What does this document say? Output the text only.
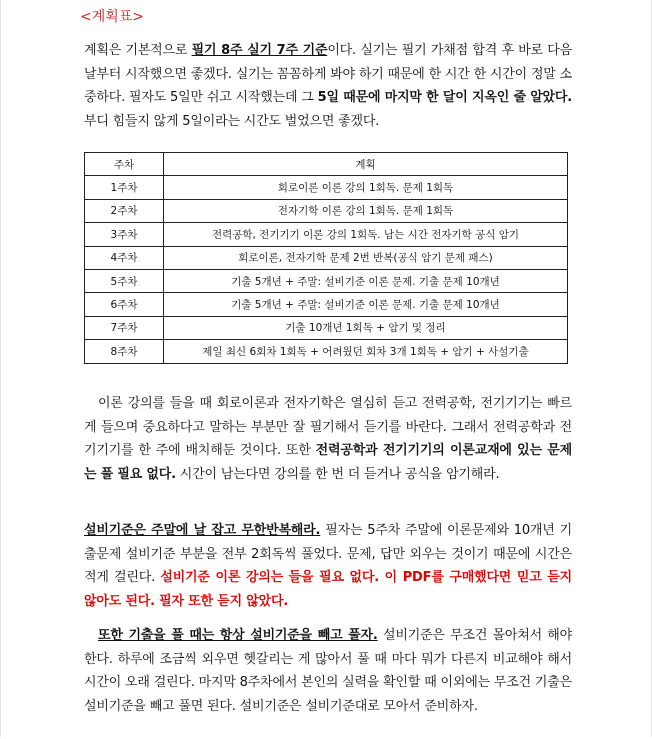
<계획표>
계획은 기본적으로 필기 8주 실기 7주 기준이다. 실기는 필기 가채점 합격 후 바로 다음 날부터 시작했으면 좋겠다. 실기는 꼼꼼하게 봐야 하기 때문에 한 시간 한 시간이 정말 소중하다. 필자도 5일만 쉬고 시작했는데 그 5일 때문에 마지막 한 달이 지옥인 줄 알았다. 부디 힘들지 않게 5일이라는 시간도 벌었으면 좋겠다.
주차	계획
1주차	회로이론 이론 강의 1회독. 문제 1회독
2주차	전자기학 이론 강의 1회독. 문제 1회독
3주차	전력공학, 전기기기 이론 강의 1회독. 남는 시간 전자기학 공식 암기
4주차	회로이론, 전자기학 문제 2번 반복(공식 암기 문제 패스)
5주차	기출 5개년 + 주말: 설비기준 이론 문제. 기출 문제 10개년
6주차	기출 5개년 + 주말: 설비기준 이론 문제. 기출 문제 10개년
7주차	기출 10개년 1회독 + 암기 및 정리
8주차	제일 최신 6회차 1회독 + 어려웠던 회차 3개 1회독 + 암기 + 사설기출
이론 강의를 들을 때 회로이론과 전자기학은 열심히 듣고 전력공학, 전기기기는 빠르게 들으며 중요하다고 말하는 부분만 잘 필기해서 듣기를 바란다. 그래서 전력공학과 전기기기를 한 주에 배치해둔 것이다. 또한 전력공학과 전기기기의 이론교재에 있는 문제는 풀 필요 없다. 시간이 남는다면 강의를 한 번 더 듣거나 공식을 암기해라.
설비기준은 주말에 날 잡고 무한반복해라. 필자는 5주차 주말에 이론문제와 10개년 기출문제 설비기준 부분을 전부 2회독씩 풀었다. 문제, 답만 외우는 것이기 때문에 시간은 적게 걸린다. 설비기준 이론 강의는 들을 필요 없다. 이 PDF를 구매했다면 믿고 듣지 않아도 된다. 필자 또한 듣지 않았다.
또한 기출을 풀 때는 항상 설비기준을 빼고 풀자. 설비기준은 무조건 몰아쳐서 해야 한다. 하루에 조금씩 외우면 헷갈리는 게 많아서 풀 때 마다 뭐가 다른지 비교해야 해서 시간이 오래 걸린다. 마지막 8주차에서 본인의 실력을 확인할 때 이외에는 무조건 기출은 설비기준을 빼고 풀면 된다. 설비기준은 설비기준대로 모아서 준비하자.
